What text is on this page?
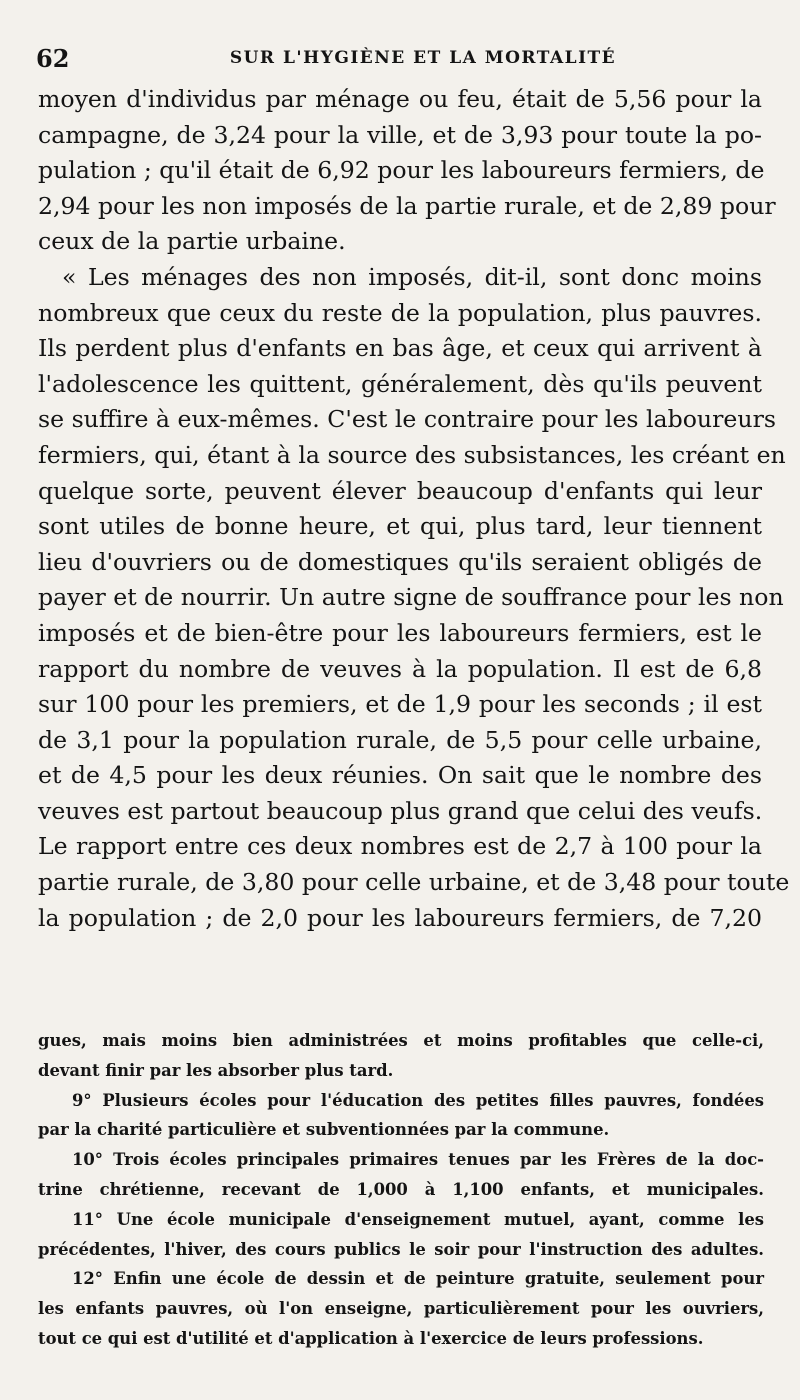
62	SUR L'HYGIÈNE ET LA MORTALITÉ
moyen d'individus par ménage ou feu, était de 5,56 pour la
campagne, de 3,24 pour la ville, et de 3,93 pour toute la po-
pulation ; qu'il était de 6,92 pour les laboureurs fermiers, de
2,94 pour les non imposés de la partie rurale, et de 2,89 pour
ceux de la partie urbaine.
« Les ménages des non imposés, dit-il, sont donc moins
nombreux que ceux du reste de la population, plus pauvres.
Ils perdent plus d'enfants en bas âge, et ceux qui arrivent à
l'adolescence les quittent, généralement, dès qu'ils peuvent
se suffire à eux-mêmes. C'est le contraire pour les laboureurs
fermiers, qui, étant à la source des subsistances, les créant en
quelque sorte, peuvent élever beaucoup d'enfants qui leur
sont utiles de bonne heure, et qui, plus tard, leur tiennent
lieu d'ouvriers ou de domestiques qu'ils seraient obligés de
payer et de nourrir. Un autre signe de souffrance pour les non
imposés et de bien-être pour les laboureurs fermiers, est le
rapport du nombre de veuves à la population. Il est de 6,8
sur 100 pour les premiers, et de 1,9 pour les seconds ; il est
de 3,1 pour la population rurale, de 5,5 pour celle urbaine,
et de 4,5 pour les deux réunies. On sait que le nombre des
veuves est partout beaucoup plus grand que celui des veufs.
Le rapport entre ces deux nombres est de 2,7 à 100 pour la
partie rurale, de 3,80 pour celle urbaine, et de 3,48 pour toute
la population ; de 2,0 pour les laboureurs fermiers, de 7,20
gues, mais moins bien administrées et moins profitables que celle-ci,
devant finir par les absorber plus tard.
9° Plusieurs écoles pour l'éducation des petites filles pauvres, fondées
par la charité particulière et subventionnées par la commune.
10° Trois écoles principales primaires tenues par les Frères de la doc-
trine chrétienne, recevant de 1,000 à 1,100 enfants, et municipales.
11° Une école municipale d'enseignement mutuel, ayant, comme les
précédentes, l'hiver, des cours publics le soir pour l'instruction des adultes.
12° Enfin une école de dessin et de peinture gratuite, seulement pour
les enfants pauvres, où l'on enseigne, particulièrement pour les ouvriers,
tout ce qui est d'utilité et d'application à l'exercice de leurs professions.
